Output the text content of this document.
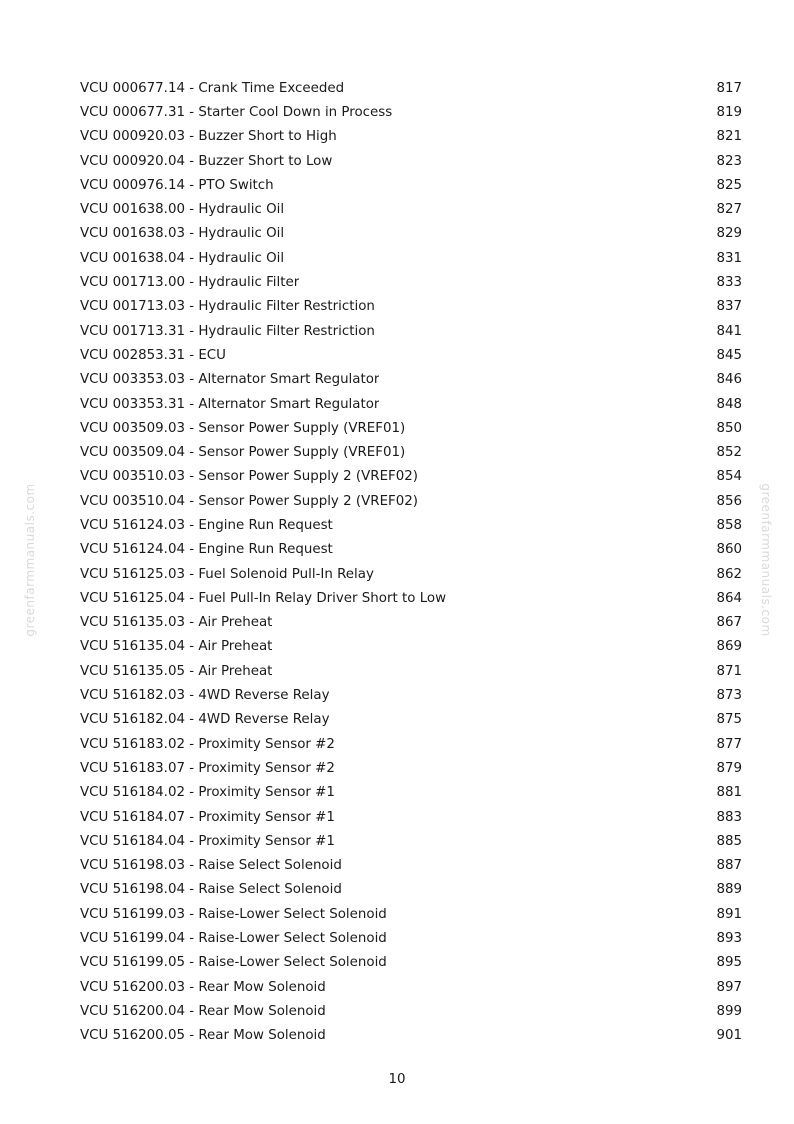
greenfarmmanuals.com	greenfarmmanuals.com
VCU 000677.14 - Crank Time Exceeded	817
VCU 000677.31 - Starter Cool Down in Process	819
VCU 000920.03 - Buzzer Short to High	821
VCU 000920.04 - Buzzer Short to Low	823
VCU 000976.14 - PTO Switch	825
VCU 001638.00 - Hydraulic Oil	827
VCU 001638.03 - Hydraulic Oil	829
VCU 001638.04 - Hydraulic Oil	831
VCU 001713.00 - Hydraulic Filter	833
VCU 001713.03 - Hydraulic Filter Restriction	837
VCU 001713.31 - Hydraulic Filter Restriction	841
VCU 002853.31 - ECU	845
VCU 003353.03 - Alternator Smart Regulator	846
VCU 003353.31 - Alternator Smart Regulator	848
VCU 003509.03 - Sensor Power Supply (VREF01)	850
VCU 003509.04 - Sensor Power Supply (VREF01)	852
VCU 003510.03 - Sensor Power Supply 2 (VREF02)	854
VCU 003510.04 - Sensor Power Supply 2 (VREF02)	856
VCU 516124.03 - Engine Run Request	858
VCU 516124.04 - Engine Run Request	860
VCU 516125.03 - Fuel Solenoid Pull-In Relay	862
VCU 516125.04 - Fuel Pull-In Relay Driver Short to Low	864
VCU 516135.03 - Air Preheat	867
VCU 516135.04 - Air Preheat	869
VCU 516135.05 - Air Preheat	871
VCU 516182.03 - 4WD Reverse Relay	873
VCU 516182.04 - 4WD Reverse Relay	875
VCU 516183.02 - Proximity Sensor #2	877
VCU 516183.07 - Proximity Sensor #2	879
VCU 516184.02 - Proximity Sensor #1	881
VCU 516184.07 - Proximity Sensor #1	883
VCU 516184.04 - Proximity Sensor #1	885
VCU 516198.03 - Raise Select Solenoid	887
VCU 516198.04 - Raise Select Solenoid	889
VCU 516199.03 - Raise-Lower Select Solenoid	891
VCU 516199.04 - Raise-Lower Select Solenoid	893
VCU 516199.05 - Raise-Lower Select Solenoid	895
VCU 516200.03 - Rear Mow Solenoid	897
VCU 516200.04 - Rear Mow Solenoid	899
VCU 516200.05 - Rear Mow Solenoid	901
10
